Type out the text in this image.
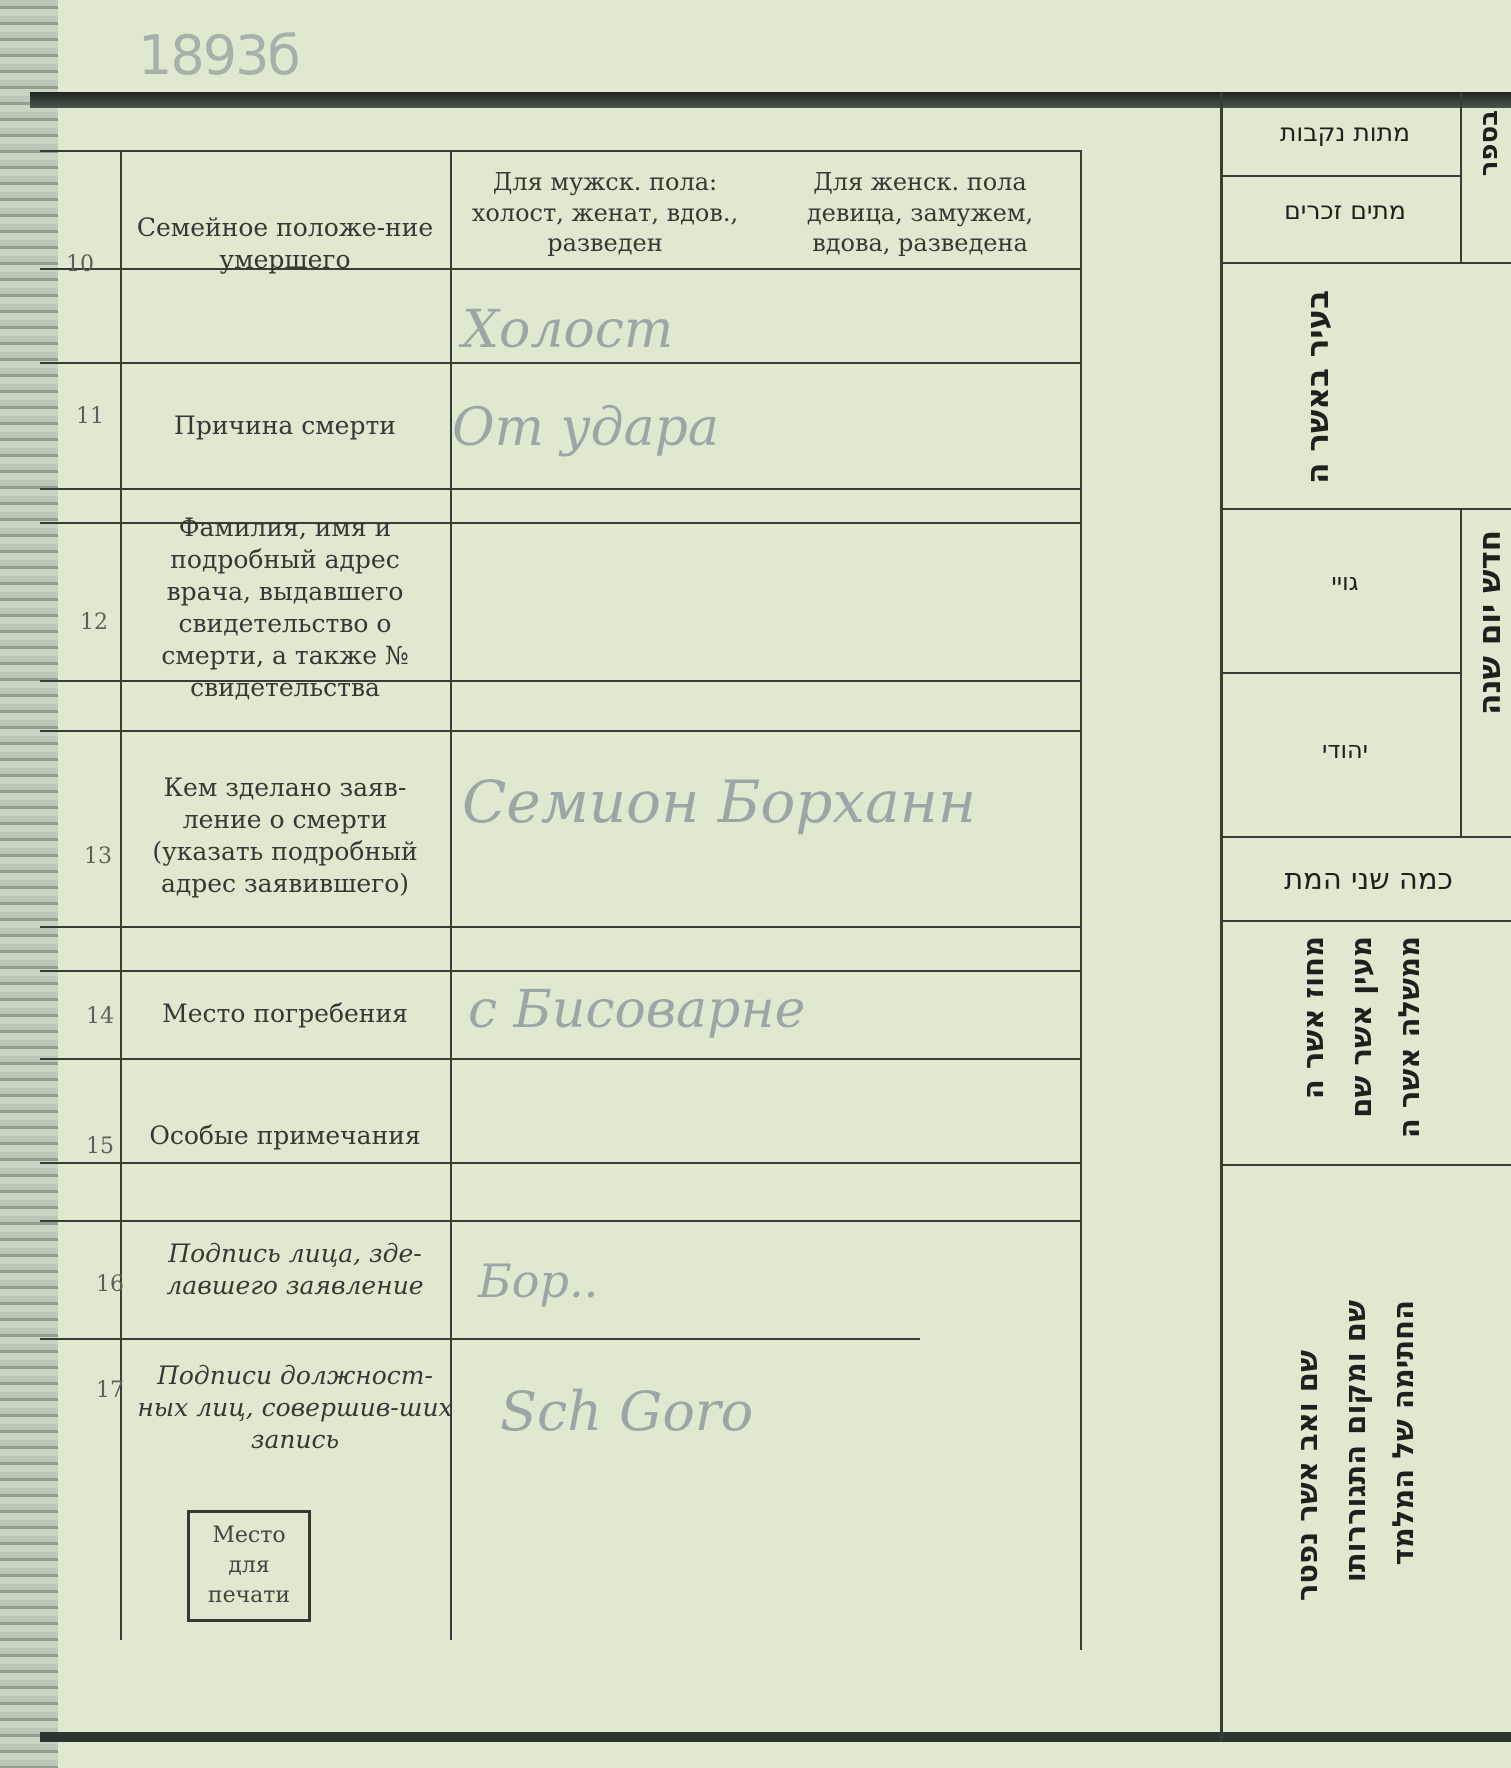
1893б
Для мужск. пола:
холост, женат, вдов., разведен
Для женск. пола
девица, замужем, вдова, разведена
10
11
12
13
14
15
16
17
Семейное положе-ние умершего
Причина смерти
Фамилия, имя и подробный адрес врача, выдавшего свидетельство о смерти, а также № свидетельства
Кем зделано заяв-ление о смерти (указать подробный адрес заявившего)
Место погребения
Особые примечания
Подпись лица, зде-лавшего заявление
Подписи должност-ных лиц, совершив-ших запись
Место для печати
Холост
От удара
Семион Борханн
с Бисоварне
Бор..
Sch Goro
מתות נקבות
מתים זכרים
בספר
בעיר באשר ה
גויי
יהודי
חדש יום שנה
כמה שני המת
מחוז אשר ה מעין אשר שם ממשלה אשר ה
שם ואב אשר נפטר שם ומקום התגוררותו החתימה של המלמד
